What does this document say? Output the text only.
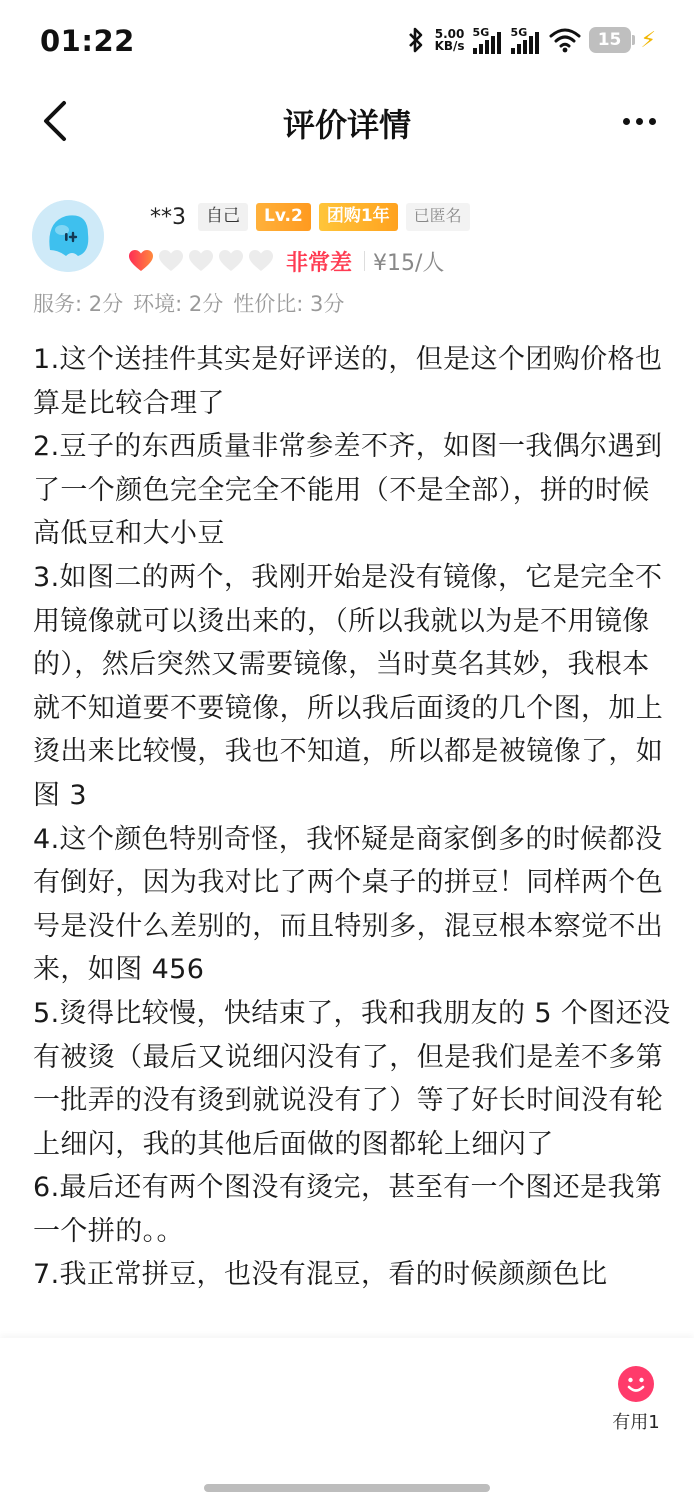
01:22	5.00
KB/s
5G 5G	15 ⚡
评价详情
**3	自己	Lv.2	团购1年	已匿名
非常差 ¥15/人
服务: 2分 环境: 2分 性价比: 3分

1.这个送挂件其实是好评送的，但是这个团购价格也算是比较合理了

2.豆子的东西质量非常参差不齐，如图一我偶尔遇到了一个颜色完全完全不能用（不是全部），拼的时候高低豆和大小豆

3.如图二的两个，我刚开始是没有镜像，它是完全不用镜像就可以烫出来的，（所以我就以为是不用镜像的），然后突然又需要镜像，当时莫名其妙，我根本就不知道要不要镜像，所以我后面烫的几个图，加上烫出来比较慢，我也不知道，所以都是被镜像了，如图 3

4.这个颜色特别奇怪，我怀疑是商家倒多的时候都没有倒好，因为我对比了两个桌子的拼豆！同样两个色号是没什么差别的，而且特别多，混豆根本察觉不出来，如图 456

5.烫得比较慢，快结束了，我和我朋友的 5 个图还没有被烫（最后又说细闪没有了，但是我们是差不多第一批弄的没有烫到就说没有了）等了好长时间没有轮上细闪，我的其他后面做的图都轮上细闪了

6.最后还有两个图没有烫完，甚至有一个图还是我第一个拼的。。

7.我正常拼豆，也没有混豆，看的时候颜颜色比

有用1
